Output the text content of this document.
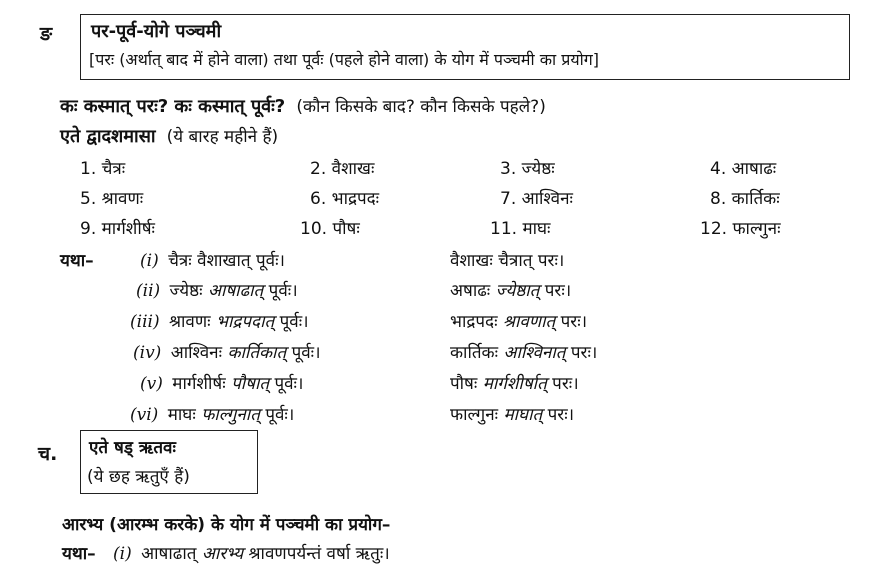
ङ पर-पूर्व-योगे पञ्चमी
[परः (अर्थात् बाद में होने वाला) तथा पूर्वः (पहले होने वाला) के योग में पञ्चमी का प्रयोग]
कः कस्मात् परः? कः कस्मात् पूर्वः? (कौन किसके बाद? कौन किसके पहले?)
एते द्वादशमासा (ये बारह महीने हैं)
1. चैत्रः	2. वैशाखः	3. ज्येष्ठः	4. आषाढः
5. श्रावणः	6. भाद्रपदः	7. आश्विनः	8. कार्तिकः
9. मार्गशीर्षः	10. पौषः	11. माघः	12. फाल्गुनः
यथा–	(i) चैत्रः वैशाखात् पूर्वः।	वैशाखः चैत्रात् परः।
(ii) ज्येष्ठः आषाढात् पूर्वः।	अषाढः ज्येष्ठात् परः।
(iii) श्रावणः भाद्रपदात् पूर्वः।	भाद्रपदः श्रावणात् परः।
(iv) आश्विनः कार्तिकात् पूर्वः।	कार्तिकः आश्विनात् परः।
(v) मार्गशीर्षः पौषात् पूर्वः।	पौषः मार्गशीर्षात् परः।
(vi) माघः फाल्गुनात् पूर्वः।	फाल्गुनः माघात् परः।
च. एते षड् ऋतवः
(ये छह ऋतुएँ हैं)
आरभ्य (आरम्भ करके) के योग में पञ्चमी का प्रयोग–
यथा– (i) आषाढात् आरभ्य श्रावणपर्यन्तं वर्षा ऋतुः।
